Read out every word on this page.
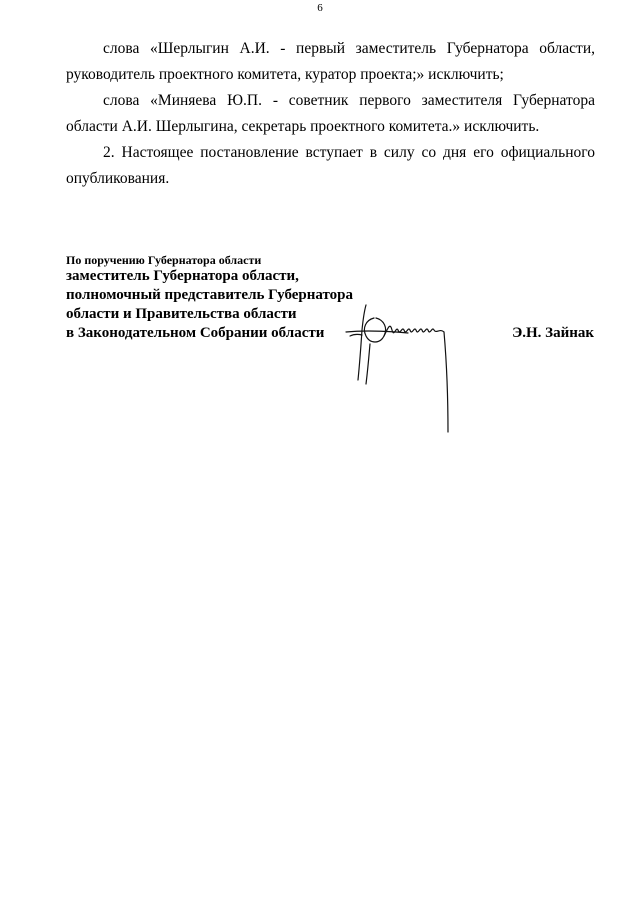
6
слова «Шерлыгин А.И. - первый заместитель Губернатора области, руководитель проектного комитета, куратор проекта;» исключить;
слова «Миняева Ю.П. - советник первого заместителя Губернатора области А.И. Шерлыгина, секретарь проектного комитета.» исключить.
2. Настоящее постановление вступает в силу со дня его официального опубликования.
По поручению Губернатора области
заместитель Губернатора области,
полномочный представитель Губернатора
области и Правительства области
в Законодательном Собрании области	Э.Н. Зайнак
